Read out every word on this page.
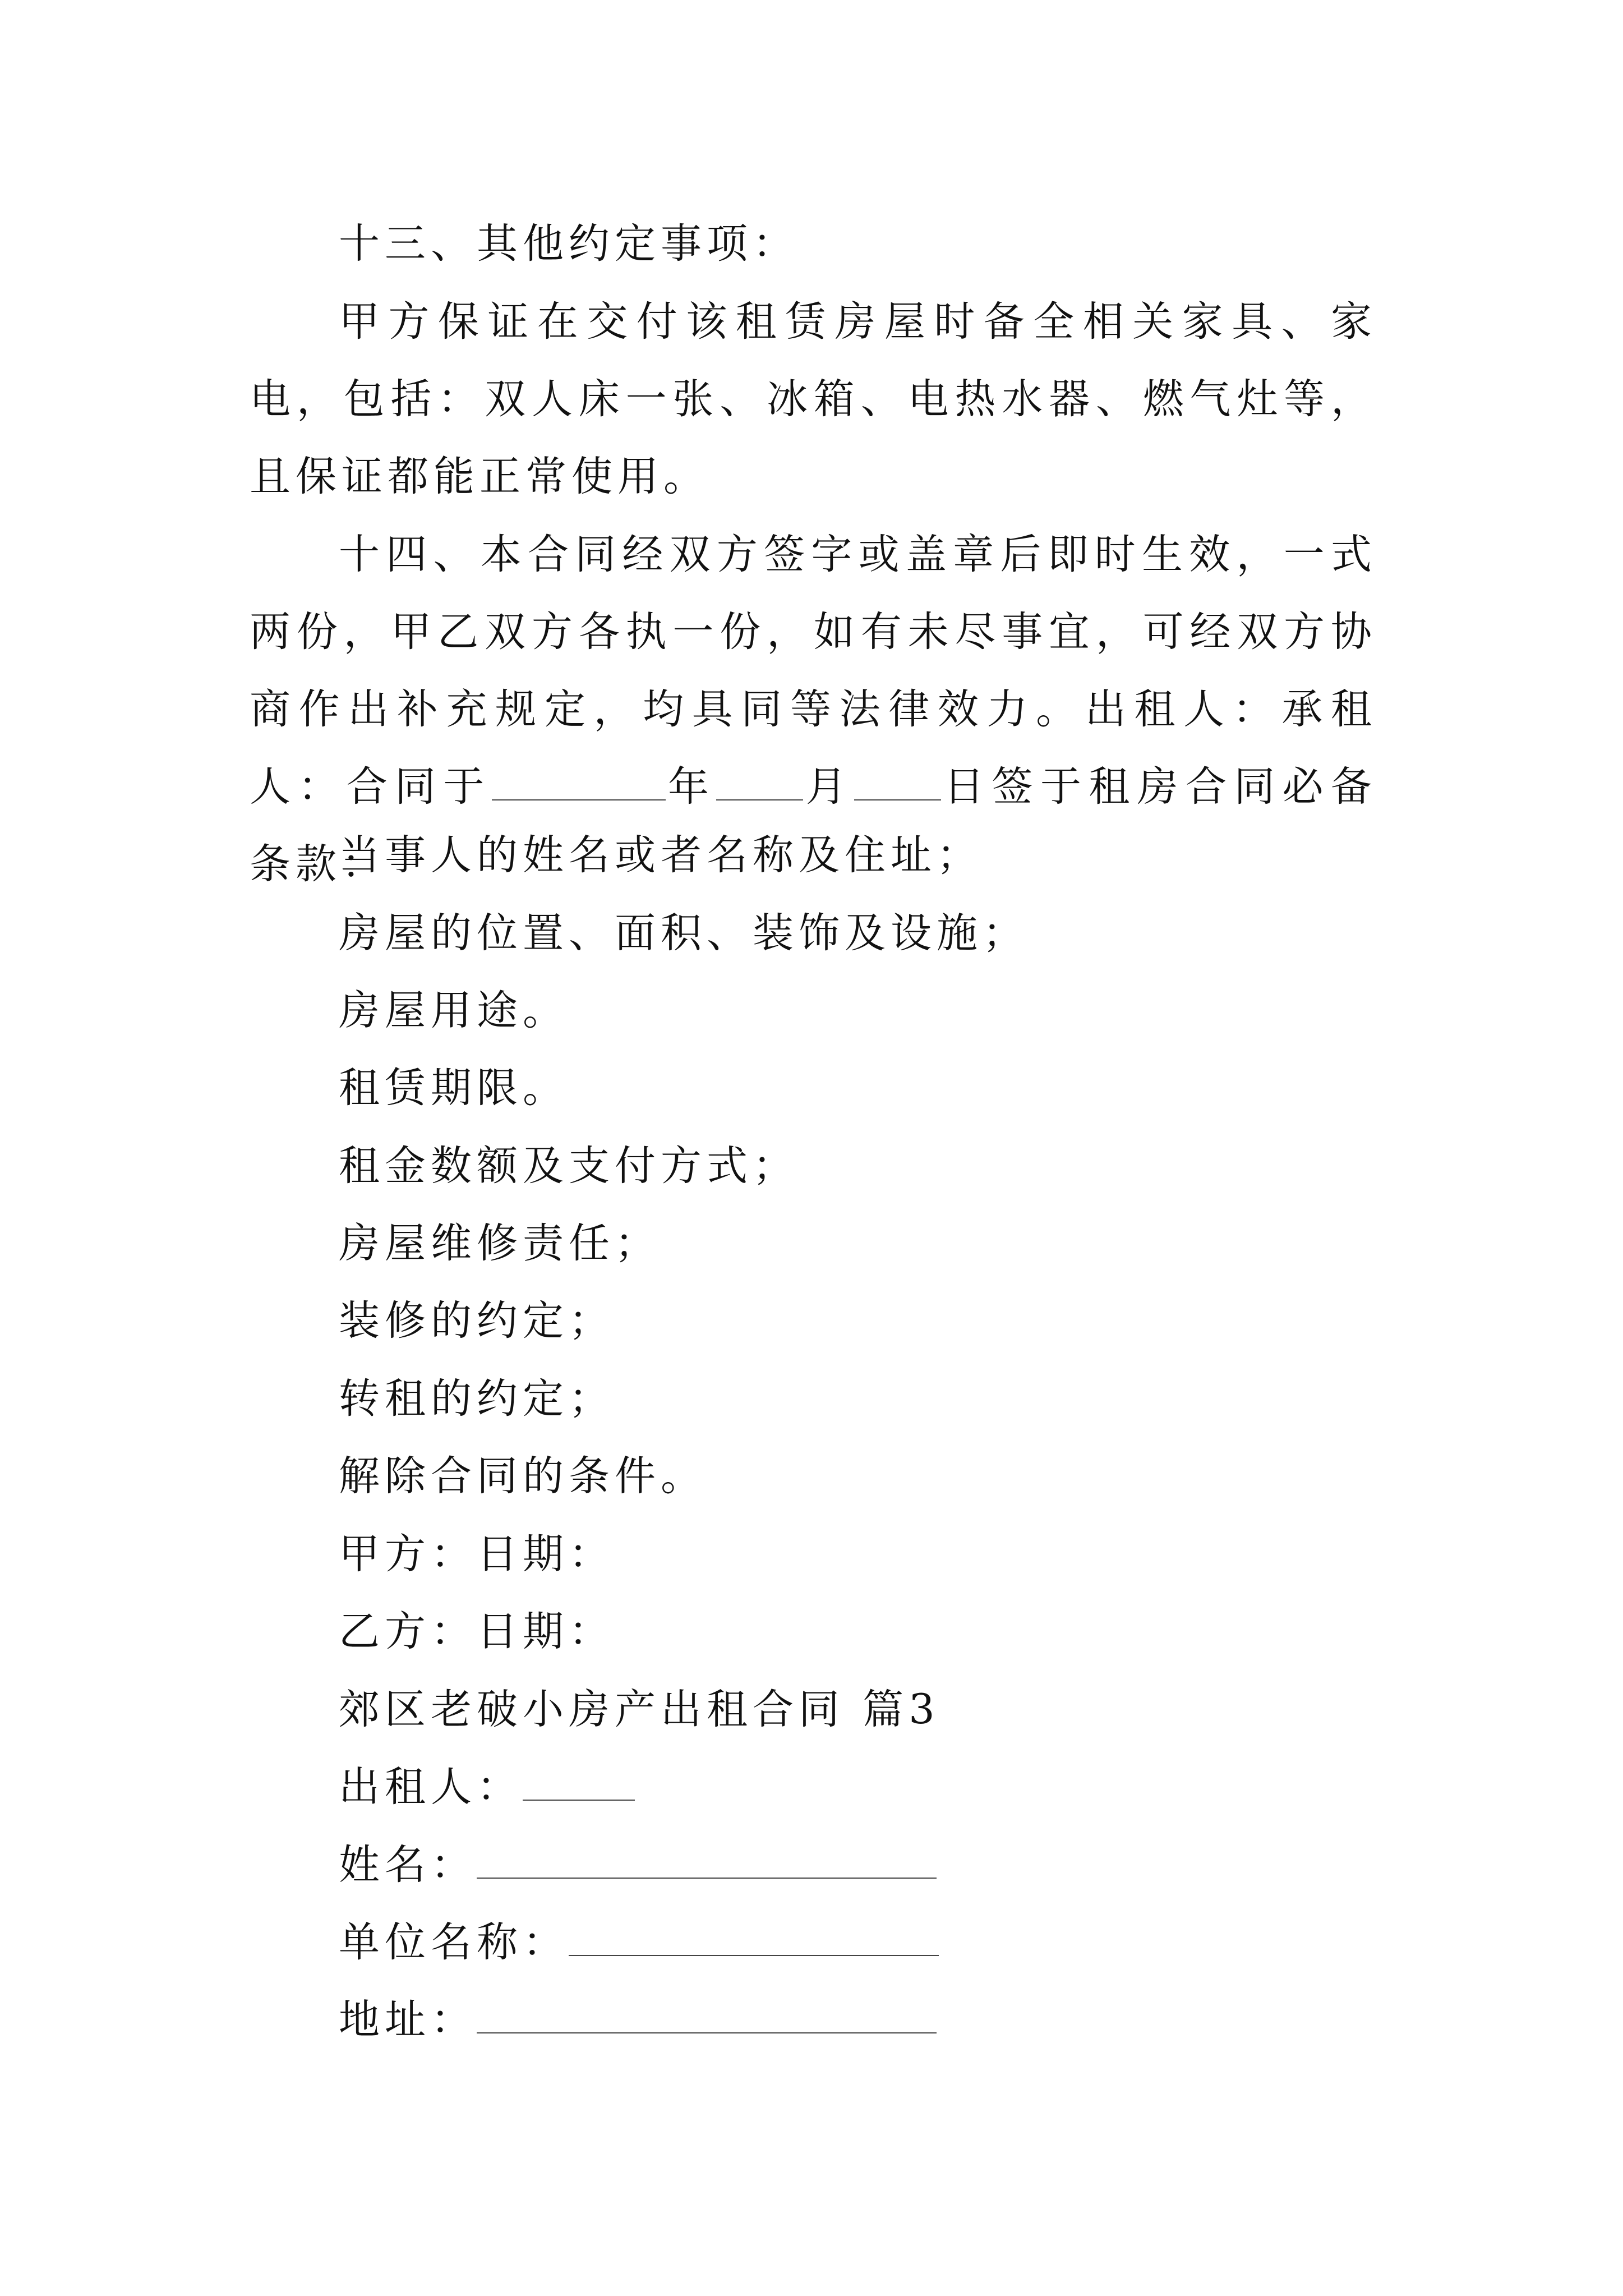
十三、其他约定事项：
甲方保证在交付该租赁房屋时备全相关家具、家电，包括：双人床一张、冰箱、电热水器、燃气灶等，且保证都能正常使用。
十四、本合同经双方签字或盖章后即时生效，一式两份，甲乙双方各执一份，如有未尽事宜，可经双方协商作出补充规定，均具同等法律效力。出租人：承租人：合同于	年 月 日签于租房合同必备条款：
当事人的姓名或者名称及住址；
房屋的位置、面积、装饰及设施；
房屋用途。
租赁期限。
租金数额及支付方式；
房屋维修责任；
装修的约定；
转租的约定；
解除合同的条件。
甲方：日期：
乙方：日期：
郊区老破小房产出租合同 篇3
出租人：
姓名：
单位名称：
地址：
